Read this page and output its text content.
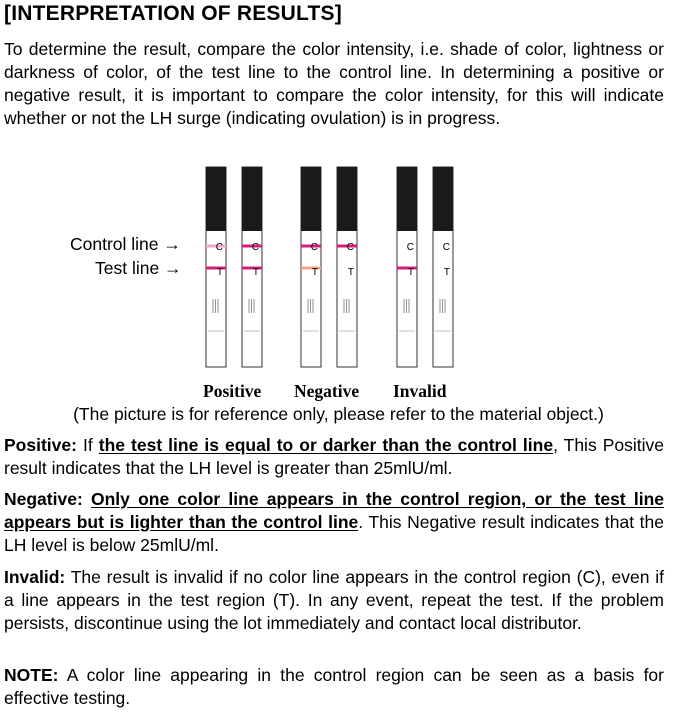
[INTERPRETATION OF RESULTS]
To determine the result, compare the color intensity, i.e. shade of color, lightness or darkness of color, of the test line to the control line. In determining a positive or negative result, it is important to compare the color intensity, for this will indicate whether or not the LH surge (indicating ovulation) is in progress.
Control line →
Test line →
C
T
C
T
C
T
C
T
C
T
C
T
Positive Negative Invalid
(The picture is for reference only, please refer to the material object.)
Positive: If the test line is equal to or darker than the control line, This Positive result indicates that the LH level is greater than 25mlU/ml.
Negative: Only one color line appears in the control region, or the test line appears but is lighter than the control line. This Negative result indicates that the LH level is below 25mlU/ml.
Invalid: The result is invalid if no color line appears in the control region (C), even if a line appears in the test region (T). In any event, repeat the test. If the problem persists, discontinue using the lot immediately and contact local distributor.
NOTE: A color line appearing in the control region can be seen as a basis for effective testing.
